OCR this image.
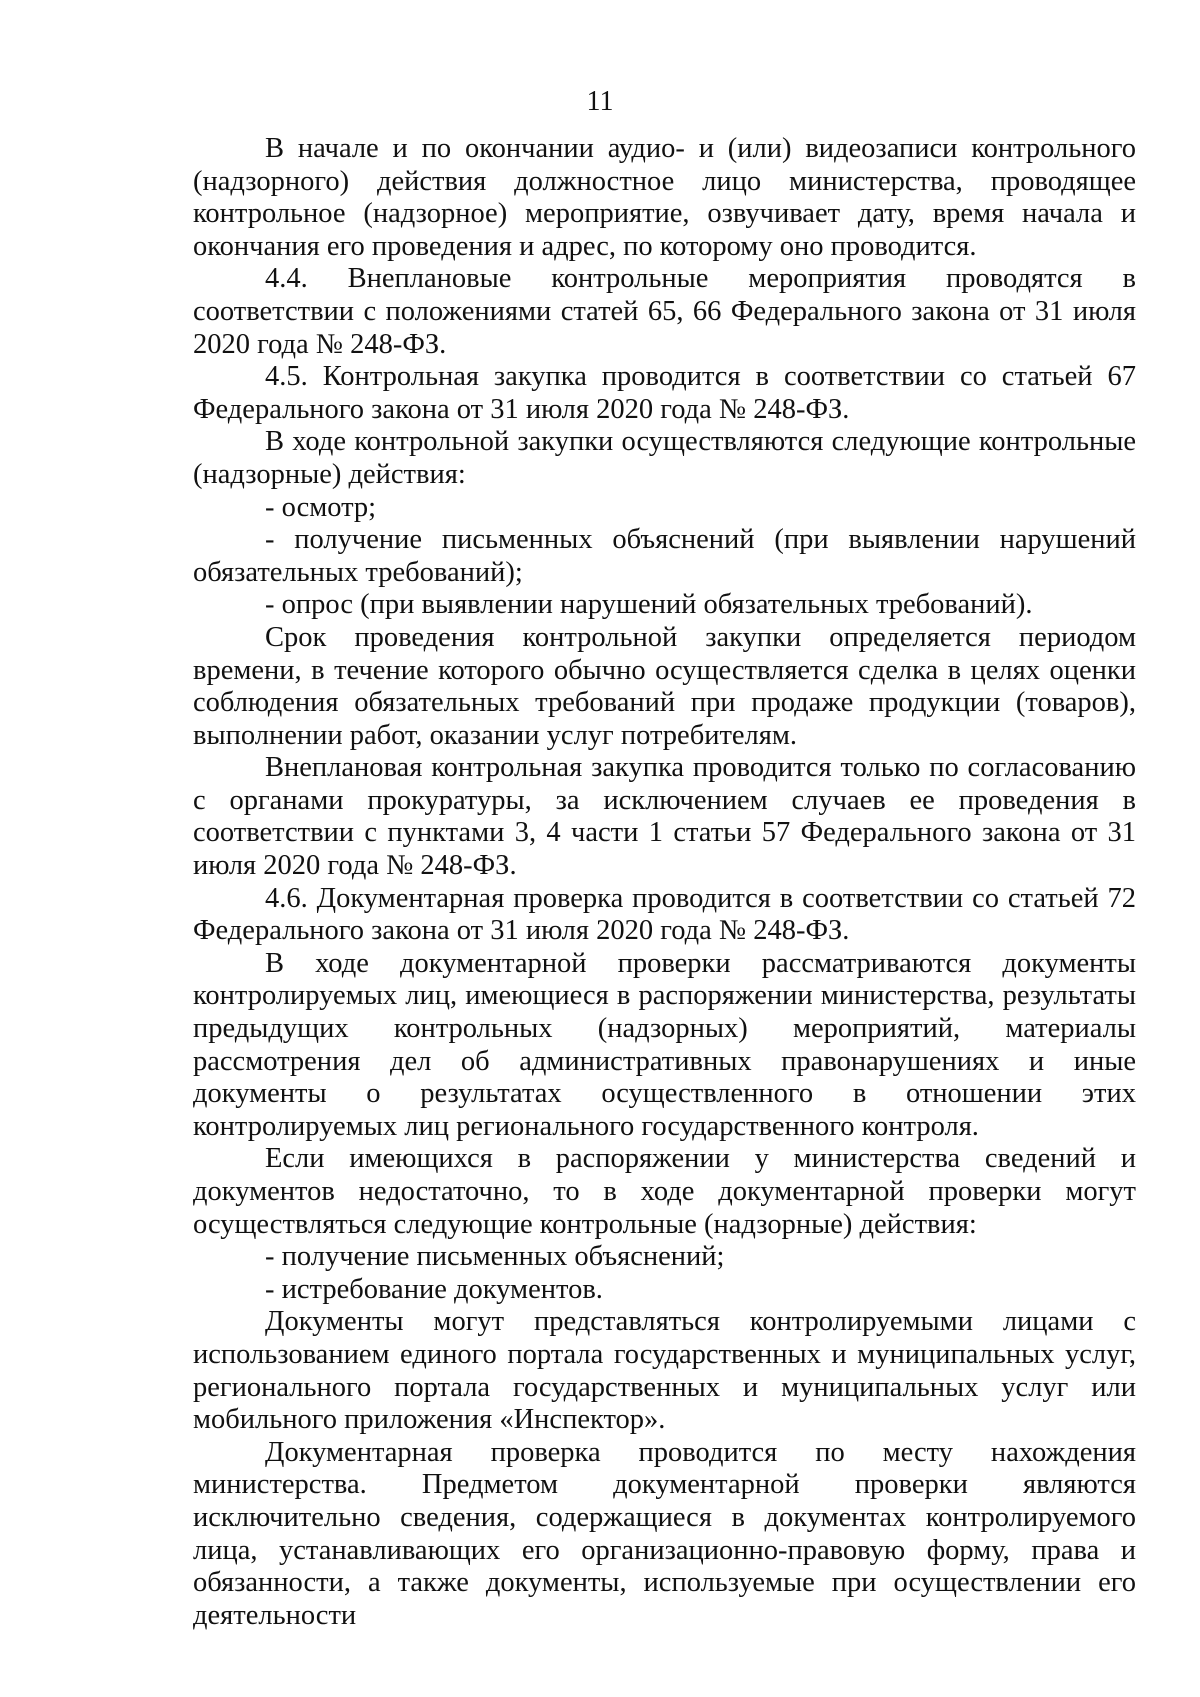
11

В начале и по окончании аудио- и (или) видеозаписи контрольного (надзорного) действия должностное лицо министерства, проводящее контрольное (надзорное) мероприятие, озвучивает дату, время начала и окончания его проведения и адрес, по которому оно проводится.

4.4. Внеплановые контрольные мероприятия проводятся в соответствии с положениями статей 65, 66 Федерального закона от 31 июля 2020 года № 248-ФЗ.

4.5. Контрольная закупка проводится в соответствии со статьей 67 Федерального закона от 31 июля 2020 года № 248-ФЗ.

В ходе контрольной закупки осуществляются следующие контрольные (надзорные) действия:

- осмотр;

- получение письменных объяснений (при выявлении нарушений обязательных требований);

- опрос (при выявлении нарушений обязательных требований).

Срок проведения контрольной закупки определяется периодом времени, в течение которого обычно осуществляется сделка в целях оценки соблюдения обязательных требований при продаже продукции (товаров), выполнении работ, оказании услуг потребителям.

Внеплановая контрольная закупка проводится только по согласованию с органами прокуратуры, за исключением случаев ее проведения в соответствии с пунктами 3, 4 части 1 статьи 57 Федерального закона от 31 июля 2020 года № 248-ФЗ.

4.6. Документарная проверка проводится в соответствии со статьей 72 Федерального закона от 31 июля 2020 года № 248-ФЗ.

В ходе документарной проверки рассматриваются документы контролируемых лиц, имеющиеся в распоряжении министерства, результаты предыдущих контрольных (надзорных) мероприятий, материалы рассмотрения дел об административных правонарушениях и иные документы о результатах осуществленного в отношении этих контролируемых лиц регионального государственного контроля.

Если имеющихся в распоряжении у министерства сведений и документов недостаточно, то в ходе документарной проверки могут осуществляться следующие контрольные (надзорные) действия:

- получение письменных объяснений;

- истребование документов.

Документы могут представляться контролируемыми лицами с использованием единого портала государственных и муниципальных услуг, регионального портала государственных и муниципальных услуг или мобильного приложения «Инспектор».

Документарная проверка проводится по месту нахождения министерства. Предметом документарной проверки являются исключительно сведения, содержащиеся в документах контролируемого лица, устанавливающих его организационно-правовую форму, права и обязанности, а также документы, используемые при осуществлении его деятельности
